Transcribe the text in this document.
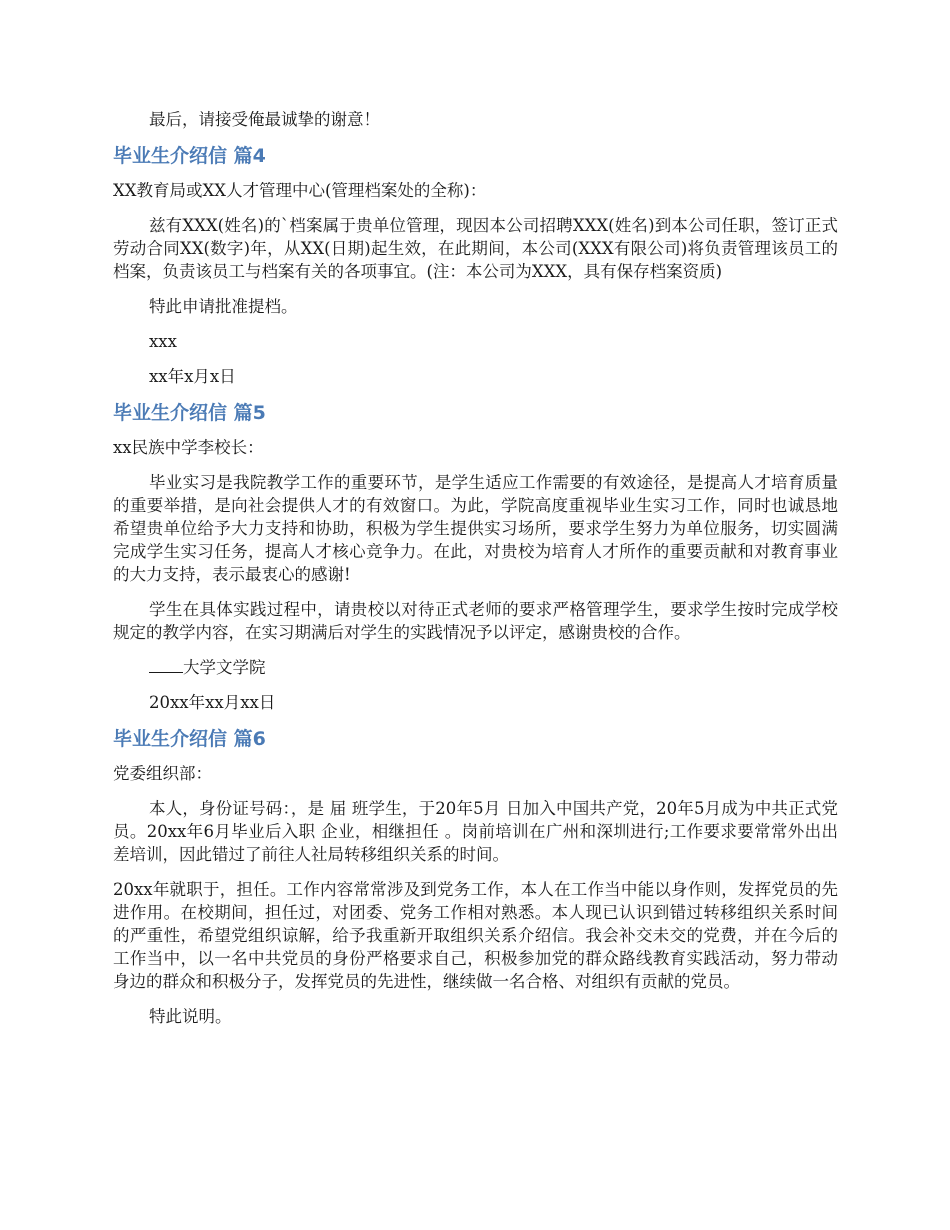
最后，请接受俺最诚挚的谢意！

毕业生介绍信 篇4

XX教育局或XX人才管理中心(管理档案处的全称)：

兹有XXX(姓名)的`档案属于贵单位管理，现因本公司招聘XXX(姓名)到本公司任职，签订正式劳动合同XX(数字)年，从XX(日期)起生效，在此期间，本公司(XXX有限公司)将负责管理该员工的档案，负责该员工与档案有关的各项事宜。(注：本公司为XXX，具有保存档案资质)

特此申请批准提档。

xxx

xx年x月x日

毕业生介绍信 篇5

xx民族中学李校长：

毕业实习是我院教学工作的重要环节，是学生适应工作需要的有效途径，是提高人才培育质量的重要举措，是向社会提供人才的有效窗口。为此，学院高度重视毕业生实习工作，同时也诚恳地希望贵单位给予大力支持和协助，积极为学生提供实习场所，要求学生努力为单位服务，切实圆满完成学生实习任务，提高人才核心竞争力。在此，对贵校为培育人才所作的重要贡献和对教育事业的大力支持，表示最衷心的感谢!

学生在具体实践过程中，请贵校以对待正式老师的要求严格管理学生，要求学生按时完成学校规定的教学内容，在实习期满后对学生的实践情况予以评定，感谢贵校的合作。

大学文学院

20xx年xx月xx日

毕业生介绍信 篇6

党委组织部：

本人，身份证号码：，是 届 班学生，于20年5月 日加入中国共产党，20年5月成为中共正式党员。20xx年6月毕业后入职 企业，相继担任 。岗前培训在广州和深圳进行;工作要求要常常外出出差培训，因此错过了前往人社局转移组织关系的时间。

20xx年就职于，担任。工作内容常常涉及到党务工作，本人在工作当中能以身作则，发挥党员的先进作用。在校期间，担任过，对团委、党务工作相对熟悉。本人现已认识到错过转移组织关系时间的严重性，希望党组织谅解，给予我重新开取组织关系介绍信。我会补交未交的党费，并在今后的工作当中，以一名中共党员的身份严格要求自己，积极参加党的群众路线教育实践活动，努力带动身边的群众和积极分子，发挥党员的先进性，继续做一名合格、对组织有贡献的党员。

特此说明。
